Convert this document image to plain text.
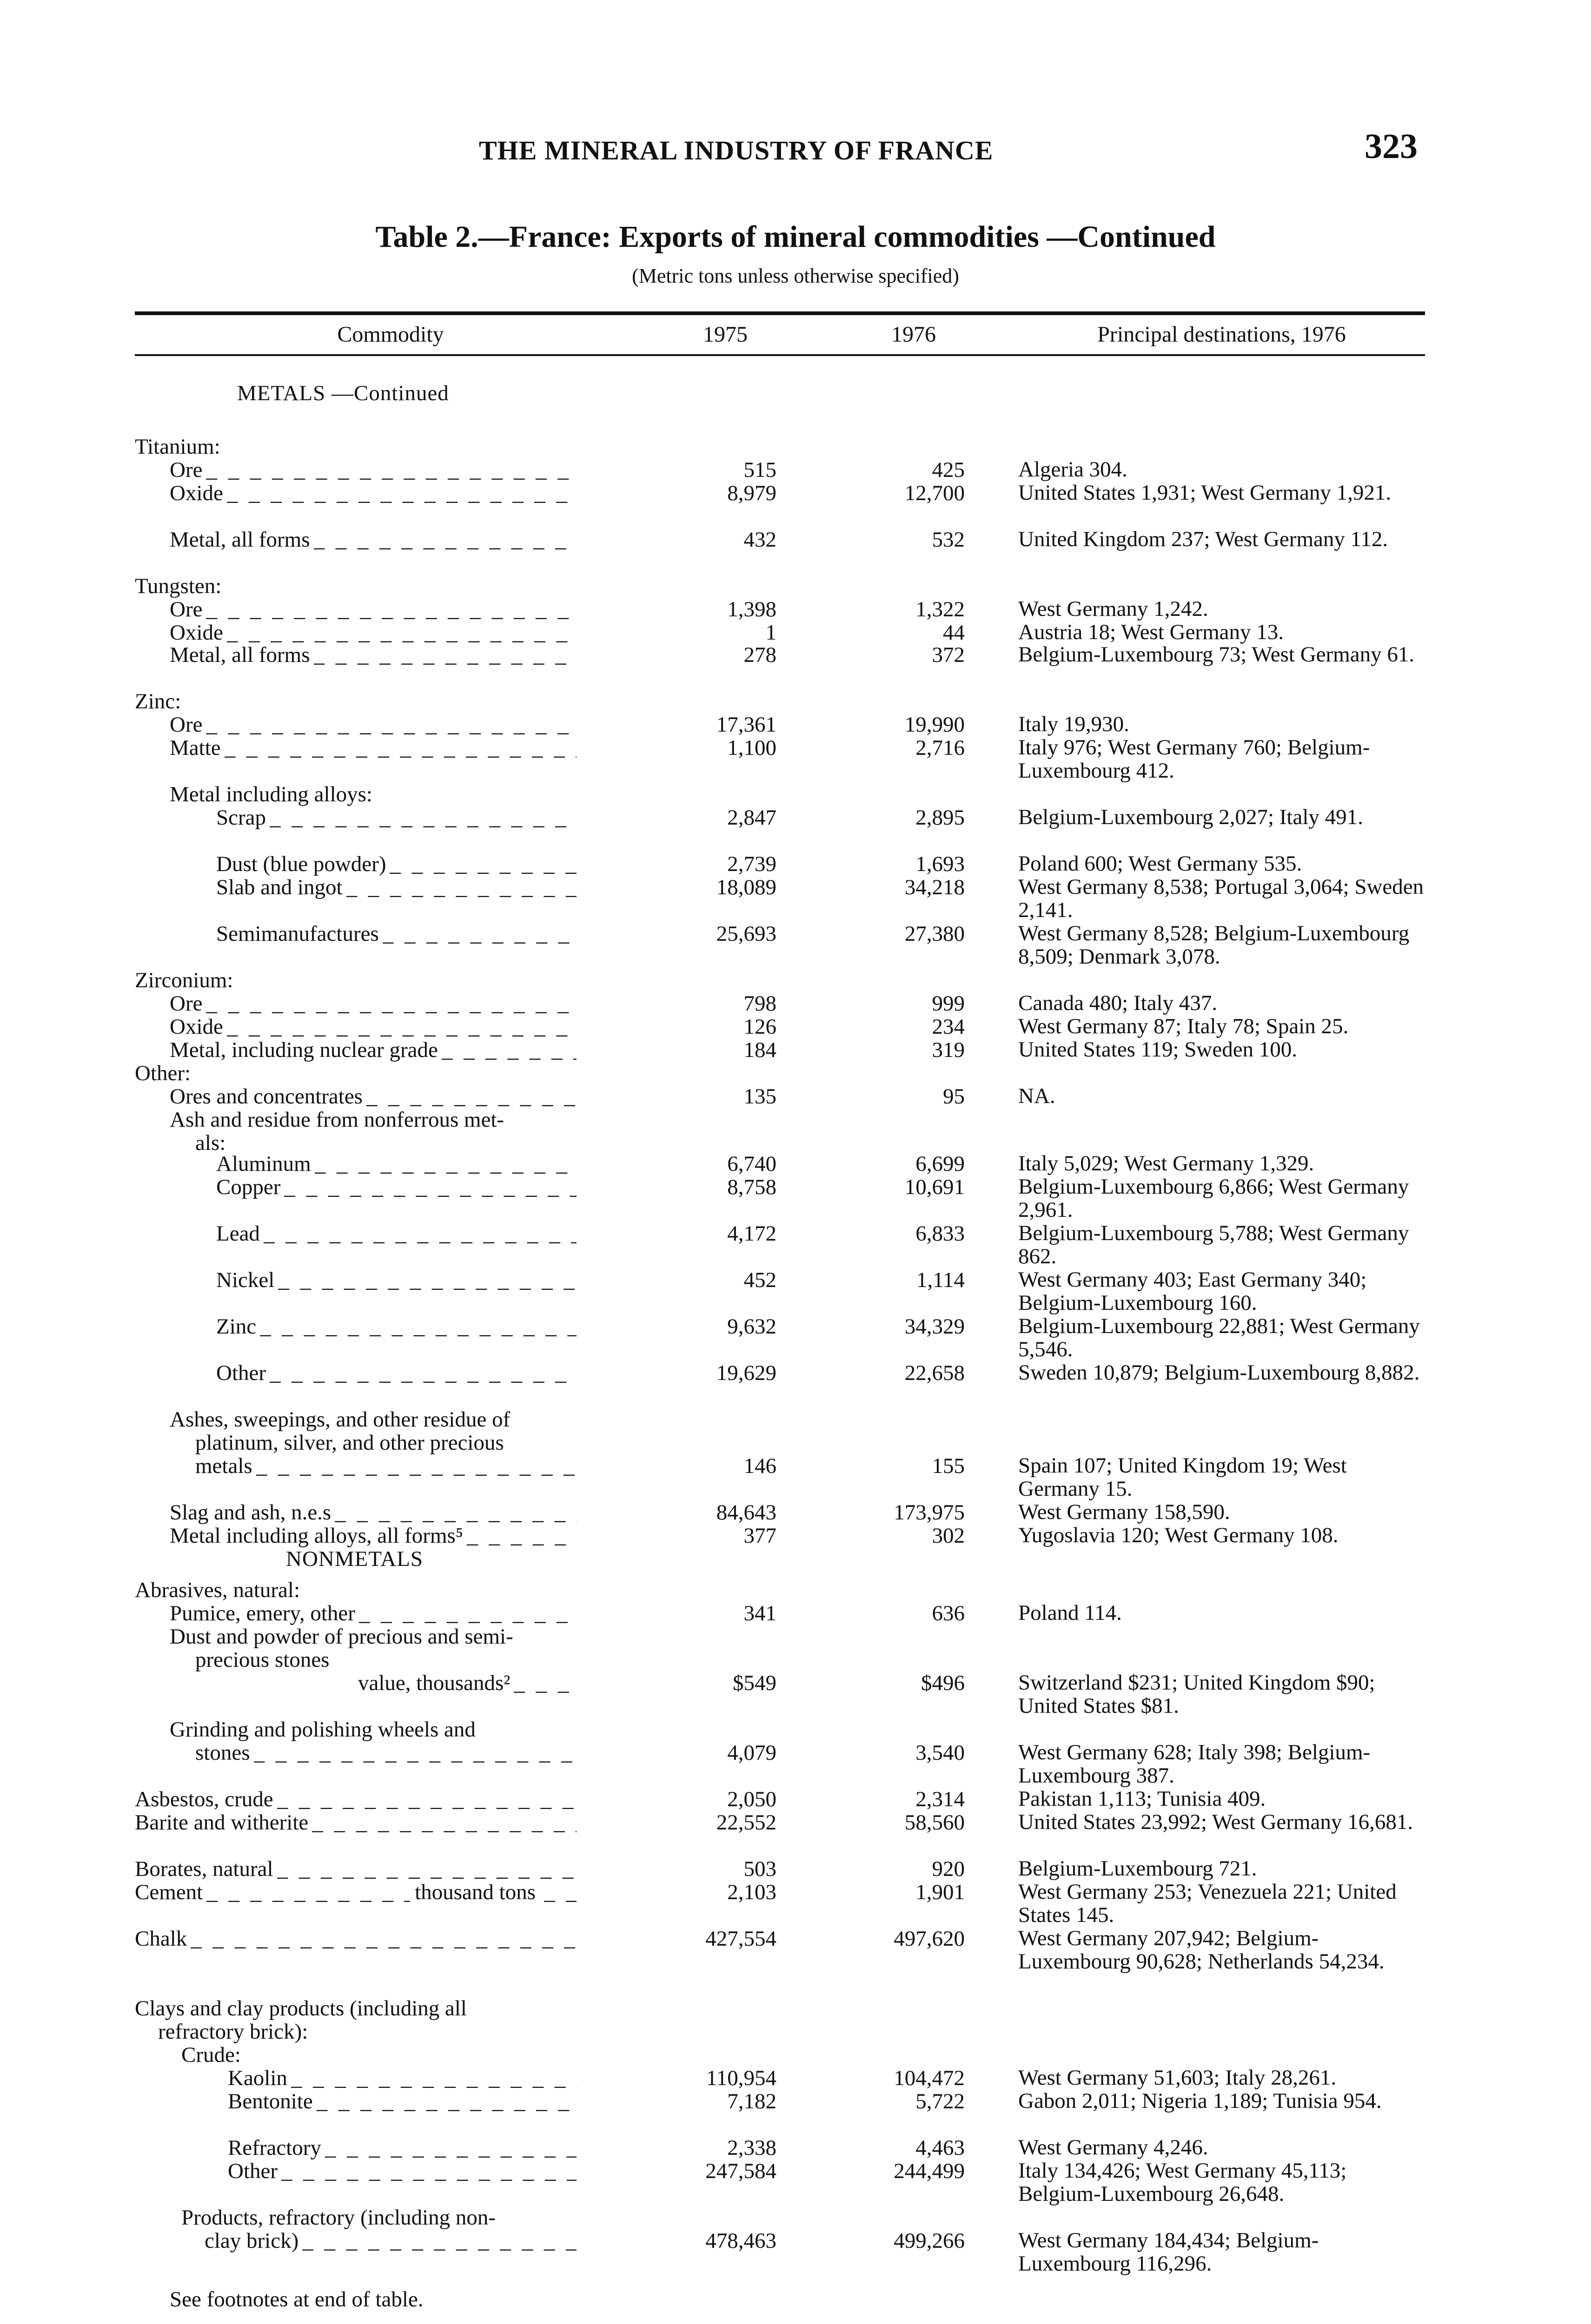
THE MINERAL INDUSTRY OF FRANCE	323
Table 2.—France: Exports of mineral commodities —Continued
(Metric tons unless otherwise specified)
Commodity	1975	1976	Principal destinations, 1976
METALS —Continued
Titanium:
Ore _ _ _	515	425 Algeria 304.
Oxide _ _ _	8,979	12,700 United States 1,931; West Germany 1,921.
Metal, all forms _ _ _	432	532 United Kingdom 237; West Germany 112.
Tungsten:
Ore _ _ _	1,398	1,322 West Germany 1,242.
Oxide _ _ _	1	44 Austria 18; West Germany 13.
Metal, all forms _ _ _	278	372 Belgium-Luxembourg 73; West Germany 61.
Zinc:
Ore _ _ _	17,361	19,990 Italy 19,930.
Matte _ _ _	1,100	2,716 Italy 976; West Germany 760; Belgium-Luxembourg 412.
Metal including alloys:
Scrap _ _ _	2,847	2,895 Belgium-Luxembourg 2,027; Italy 491.
Dust (blue powder) _ _ _	2,739	1,693 Poland 600; West Germany 535.
Slab and ingot _ _ _	18,089	34,218 West Germany 8,538; Portugal 3,064; Sweden 2,141.
Semimanufactures _ _ _	25,693	27,380 West Germany 8,528; Belgium-Luxembourg 8,509; Denmark 3,078.
Zirconium:
Ore _ _ _	798	999 Canada 480; Italy 437.
Oxide _ _ _	126	234 West Germany 87; Italy 78; Spain 25.
Metal, including nuclear grade _ _ _	184	319 United States 119; Sweden 100.
Other:
Ores and concentrates _ _ _	135	95 NA.
Ash and residue from nonferrous met-
als:
Aluminum _ _ _	6,740	6,699 Italy 5,029; West Germany 1,329.
Copper _ _ _	8,758	10,691 Belgium-Luxembourg 6,866; West Germany 2,961.
Lead _ _ _	4,172	6,833 Belgium-Luxembourg 5,788; West Germany 862.
Nickel _ _ _	452	1,114 West Germany 403; East Germany 340; Belgium-Luxembourg 160.
Zinc _ _ _	9,632	34,329 Belgium-Luxembourg 22,881; West Germany 5,546.
Other _ _ _	19,629	22,658 Sweden 10,879; Belgium-Luxembourg 8,882.
Ashes, sweepings, and other residue of
platinum, silver, and other precious
metals _ _ _	146	155 Spain 107; United Kingdom 19; West Germany 15.
Slag and ash, n.e.s _ _ _	84,643	173,975 West Germany 158,590.
Metal including alloys, all forms⁵ _ _ _	377	302 Yugoslavia 120; West Germany 108.
NONMETALS
Abrasives, natural:
Pumice, emery, other _ _ _	341	636 Poland 114.
Dust and powder of precious and semi-
precious stones
value, thousands² _ _ _	$549	$496 Switzerland $231; United Kingdom $90; United States $81.
Grinding and polishing wheels and
stones _ _ _	4,079	3,540 West Germany 628; Italy 398; Belgium-Luxembourg 387.
Asbestos, crude _ _ _	2,050	2,314 Pakistan 1,113; Tunisia 409.
Barite and witherite _ _ _	22,552	58,560 United States 23,992; West Germany 16,681.
Borates, natural _ _ _	503	920 Belgium-Luxembourg 721.
Cement _ _ _	thousand tons _ _ _	2,103	1,901 West Germany 253; Venezuela 221; United States 145.
Chalk _ _ _	427,554	497,620 West Germany 207,942; Belgium-Luxembourg 90,628; Netherlands 54,234.
Clays and clay products (including all
refractory brick):
Crude:
Kaolin _ _ _	110,954	104,472 West Germany 51,603; Italy 28,261.
Bentonite _ _ _	7,182	5,722 Gabon 2,011; Nigeria 1,189; Tunisia 954.
Refractory _ _ _	2,338	4,463 West Germany 4,246.
Other _ _ _	247,584	244,499 Italy 134,426; West Germany 45,113; Belgium-Luxembourg 26,648.
Products, refractory (including non-
clay brick) _ _ _	478,463	499,266 West Germany 184,434; Belgium-Luxembourg 116,296.
See footnotes at end of table.
